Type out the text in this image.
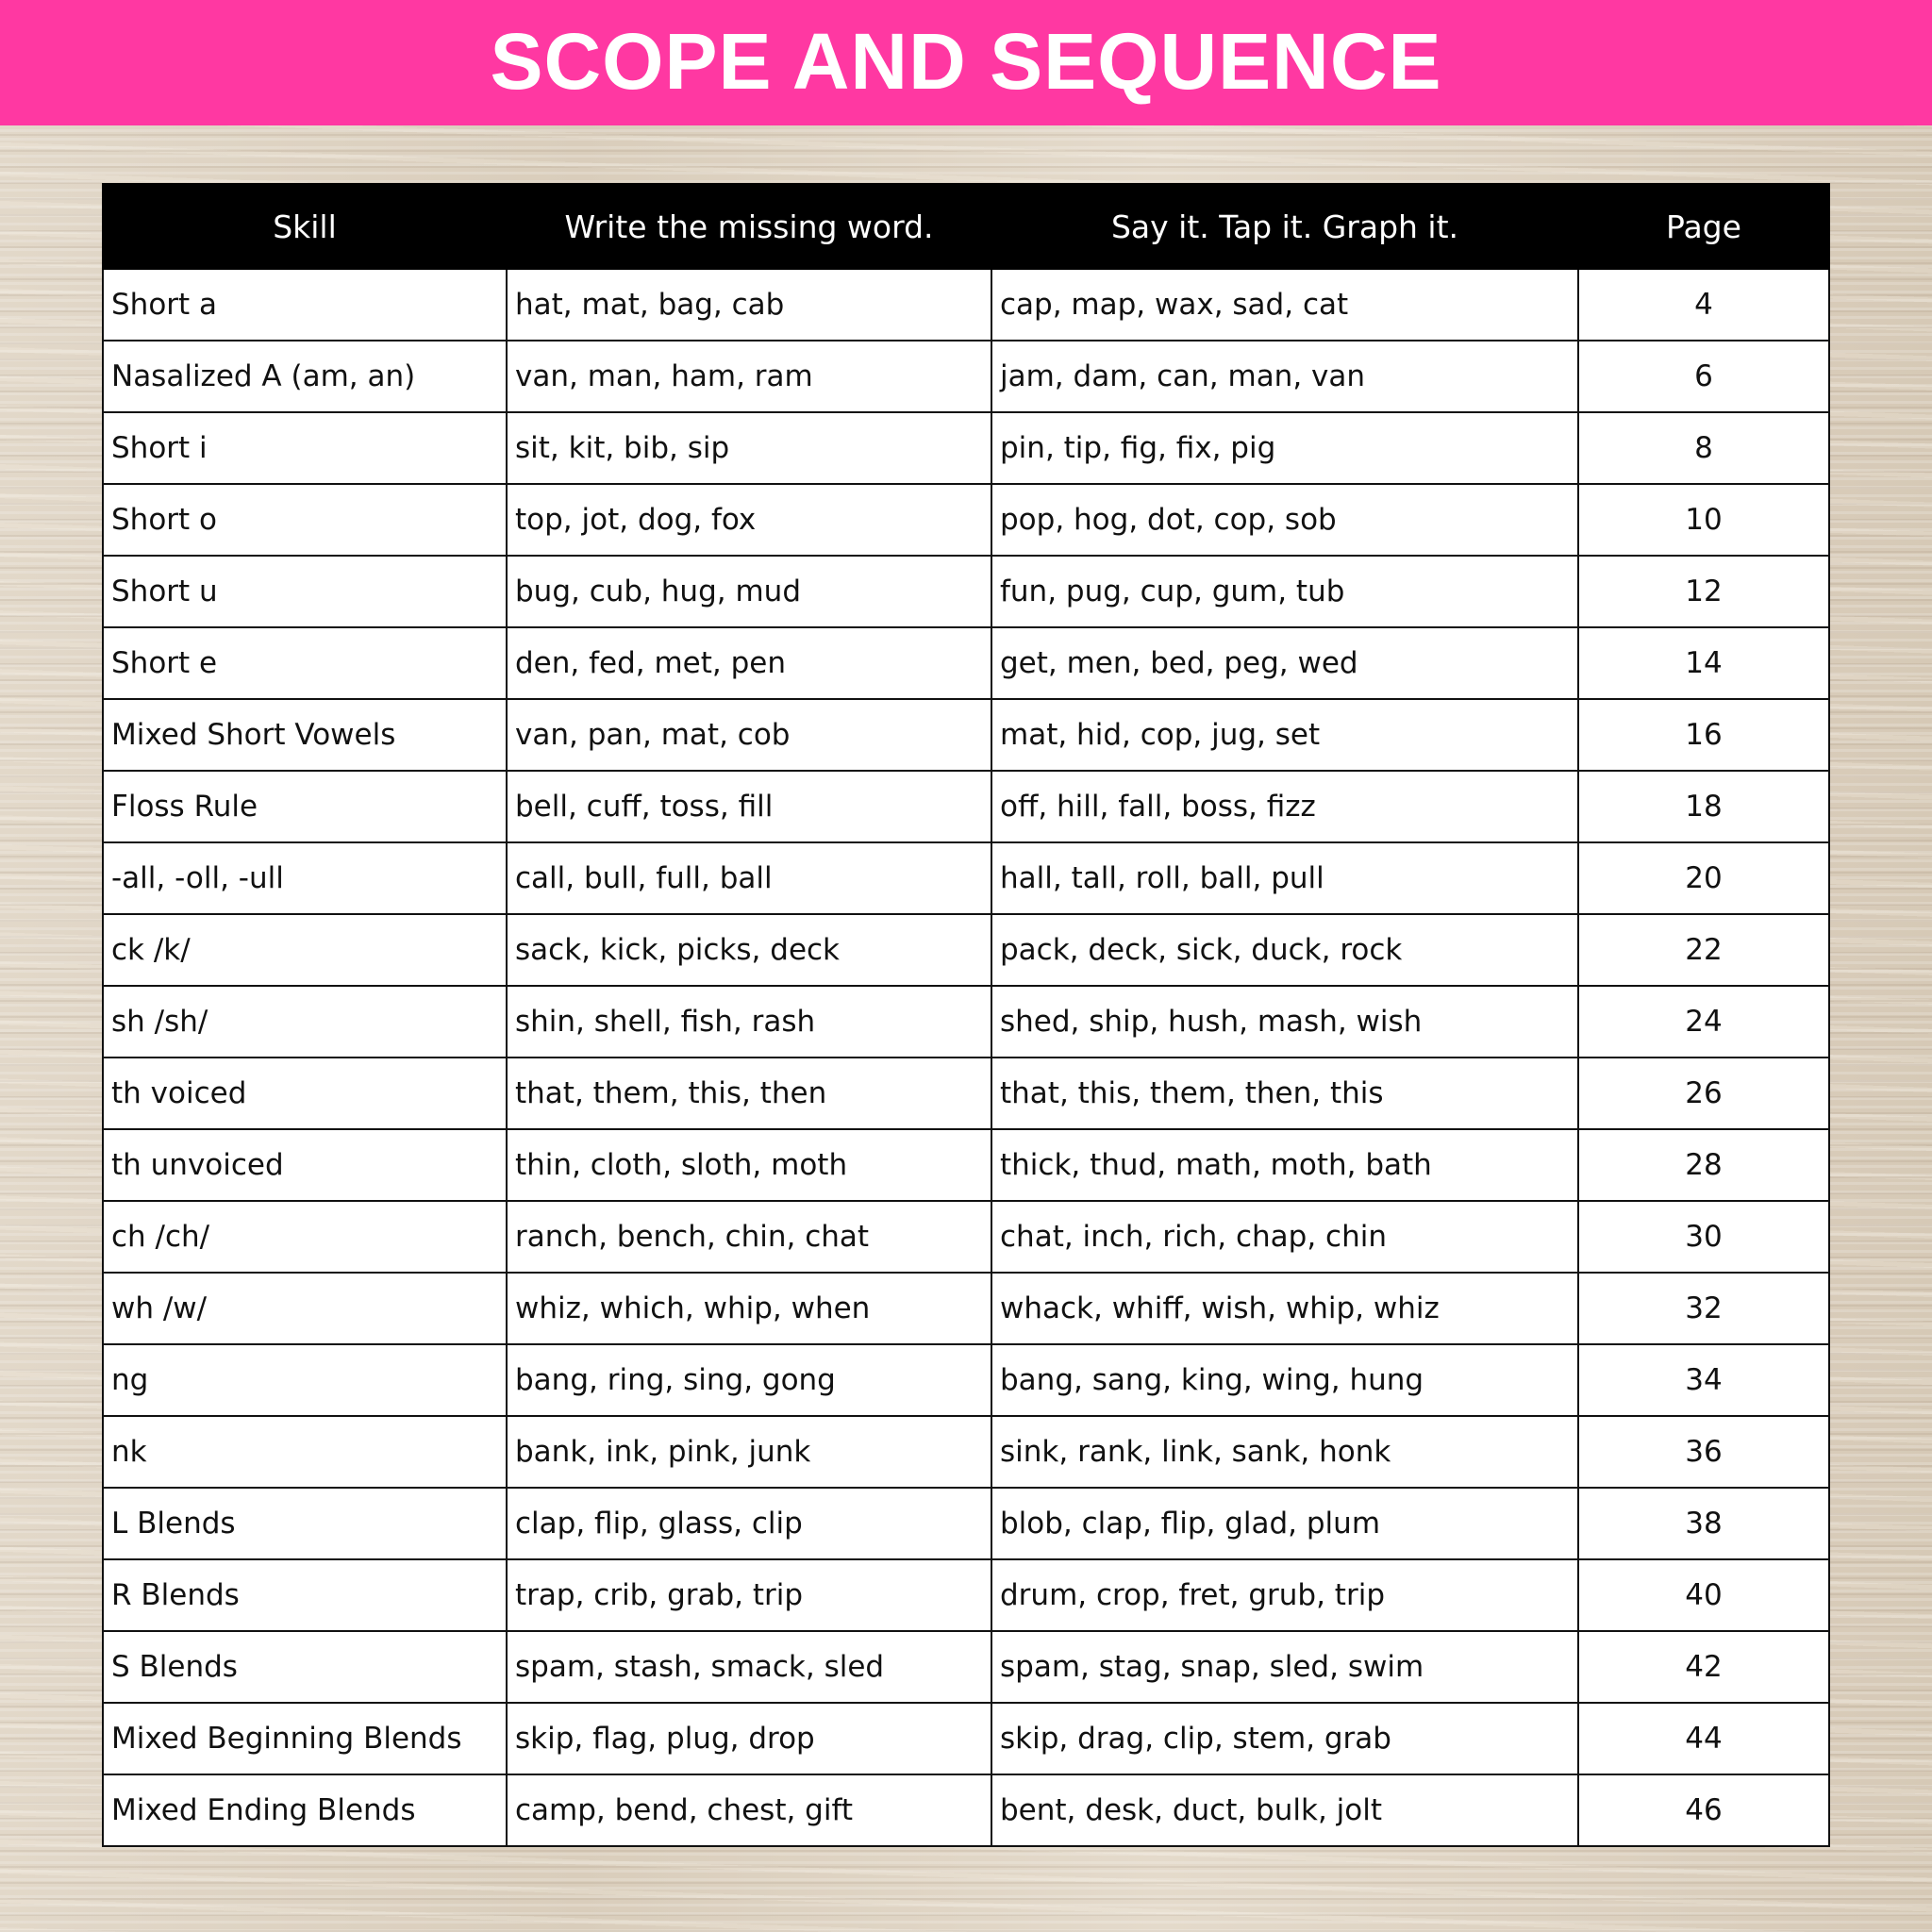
SCOPE AND SEQUENCE
Skill	Write the missing word.	Say it. Tap it. Graph it.	Page
Short a	hat, mat, bag, cab	cap, map, wax, sad, cat	4
Nasalized A (am, an)	van, man, ham, ram	jam, dam, can, man, van	6
Short i	sit, kit, bib, sip	pin, tip, fig, fix, pig	8
Short o	top, jot, dog, fox	pop, hog, dot, cop, sob	10
Short u	bug, cub, hug, mud	fun, pug, cup, gum, tub	12
Short e	den, fed, met, pen	get, men, bed, peg, wed	14
Mixed Short Vowels	van, pan, mat, cob	mat, hid, cop, jug, set	16
Floss Rule	bell, cuff, toss, fill	off, hill, fall, boss, fizz	18
-all, -oll, -ull	call, bull, full, ball	hall, tall, roll, ball, pull	20
ck /k/	sack, kick, picks, deck	pack, deck, sick, duck, rock	22
sh /sh/	shin, shell, fish, rash	shed, ship, hush, mash, wish	24
th voiced	that, them, this, then	that, this, them, then, this	26
th unvoiced	thin, cloth, sloth, moth	thick, thud, math, moth, bath	28
ch /ch/	ranch, bench, chin, chat	chat, inch, rich, chap, chin	30
wh /w/	whiz, which, whip, when	whack, whiff, wish, whip, whiz	32
ng	bang, ring, sing, gong	bang, sang, king, wing, hung	34
nk	bank, ink, pink, junk	sink, rank, link, sank, honk	36
L Blends	clap, flip, glass, clip	blob, clap, flip, glad, plum	38
R Blends	trap, crib, grab, trip	drum, crop, fret, grub, trip	40
S Blends	spam, stash, smack, sled	spam, stag, snap, sled, swim	42
Mixed Beginning Blends	skip, flag, plug, drop	skip, drag, clip, stem, grab	44
Mixed Ending Blends	camp, bend, chest, gift	bent, desk, duct, bulk, jolt	46
